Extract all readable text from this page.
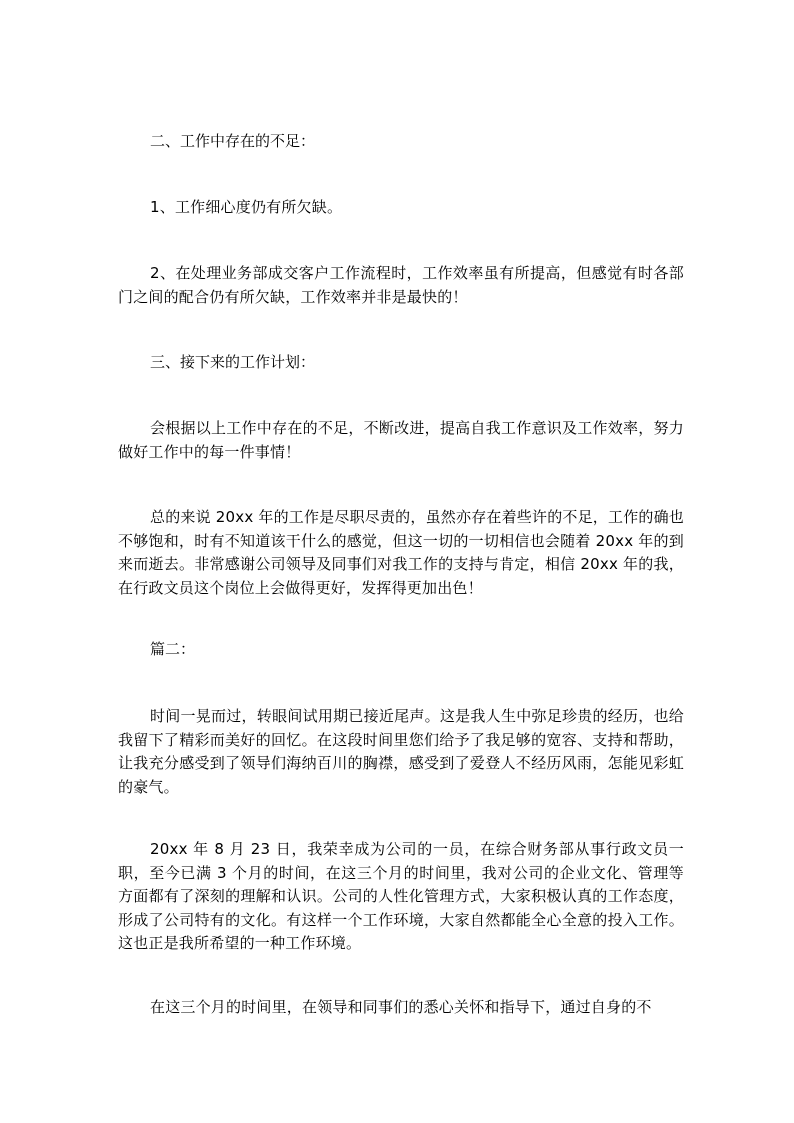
二、工作中存在的不足：

1、工作细心度仍有所欠缺。

2、在处理业务部成交客户工作流程时，工作效率虽有所提高，但感觉有时各部门之间的配合仍有所欠缺，工作效率并非是最快的！

三、接下来的工作计划：

会根据以上工作中存在的不足，不断改进，提高自我工作意识及工作效率，努力做好工作中的每一件事情！

总的来说 20xx 年的工作是尽职尽责的，虽然亦存在着些许的不足，工作的确也不够饱和，时有不知道该干什么的感觉，但这一切的一切相信也会随着 20xx 年的到来而逝去。非常感谢公司领导及同事们对我工作的支持与肯定，相信 20xx 年的我，在行政文员这个岗位上会做得更好，发挥得更加出色！

篇二：

时间一晃而过，转眼间试用期已接近尾声。这是我人生中弥足珍贵的经历，也给我留下了精彩而美好的回忆。在这段时间里您们给予了我足够的宽容、支持和帮助，让我充分感受到了领导们海纳百川的胸襟，感受到了爱登人不经历风雨，怎能见彩虹的豪气。

20xx 年 8 月 23 日，我荣幸成为公司的一员，在综合财务部从事行政文员一职，至今已满 3 个月的时间，在这三个月的时间里，我对公司的企业文化、管理等方面都有了深刻的理解和认识。公司的人性化管理方式，大家积极认真的工作态度，形成了公司特有的文化。有这样一个工作环境，大家自然都能全心全意的投入工作。这也正是我所希望的一种工作环境。

在这三个月的时间里，在领导和同事们的悉心关怀和指导下，通过自身的不
